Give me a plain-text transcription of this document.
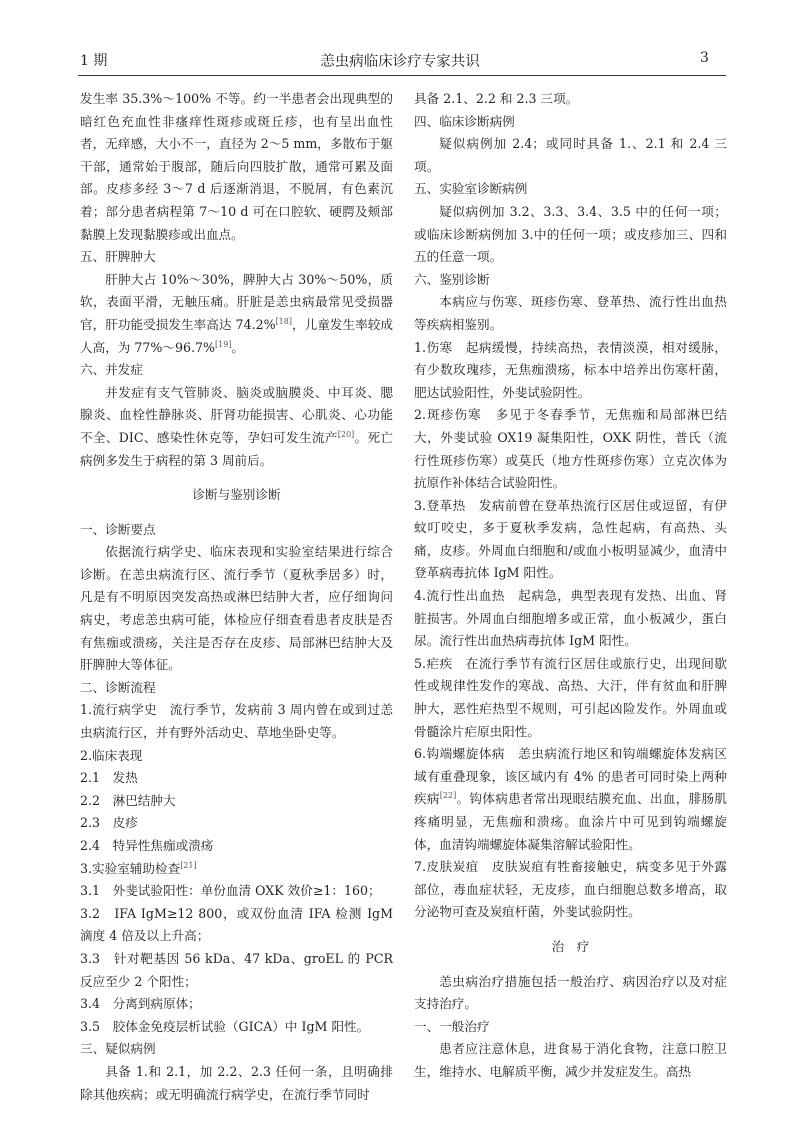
1 期	恙虫病临床诊疗专家共识	3

发生率 35.3%～100% 不等。约一半患者会出现典型的暗红色充血性非瘙痒性斑疹或斑丘疹，也有呈出血性者，无痒感，大小不一，直径为 2～5 mm，多散布于躯干部，通常始于腹部，随后向四肢扩散，通常可累及面部。皮疹多经 3～7 d 后逐渐消退，不脱屑，有色素沉着；部分患者病程第 7～10 d 可在口腔软、硬腭及颊部黏膜上发现黏膜疹或出血点。

五、肝脾肿大

肝肿大占 10%～30%，脾肿大占 30%～50%，质软，表面平滑，无触压痛。肝脏是恙虫病最常见受损器官，肝功能受损发生率高达 74.2%[18]，儿童发生率较成人高，为 77%～96.7%[19]。

六、并发症

并发症有支气管肺炎、脑炎或脑膜炎、中耳炎、腮腺炎、血栓性静脉炎、肝肾功能损害、心肌炎、心功能不全、DIC、感染性休克等，孕妇可发生流产[20]。死亡病例多发生于病程的第 3 周前后。

诊断与鉴别诊断

一、诊断要点

依据流行病学史、临床表现和实验室结果进行综合诊断。在恙虫病流行区、流行季节（夏秋季居多）时，凡是有不明原因突发高热或淋巴结肿大者，应仔细询问病史，考虑恙虫病可能，体检应仔细查看患者皮肤是否有焦痂或溃疡，关注是否存在皮疹、局部淋巴结肿大及肝脾肿大等体征。

二、诊断流程

1.流行病学史　流行季节，发病前 3 周内曾在或到过恙虫病流行区，并有野外活动史、草地坐卧史等。

2.临床表现

2.1　发热

2.2　淋巴结肿大

2.3　皮疹

2.4　特异性焦痂或溃疡

3.实验室辅助检查[21]

3.1　外斐试验阳性：单份血清 OXK 效价≥1：160；

3.2　IFA IgM≥12 800，或双份血清 IFA 检测 IgM 滴度 4 倍及以上升高；

3.3　针对靶基因 56 kDa、47 kDa、groEL 的 PCR 反应至少 2 个阳性；

3.4　分离到病原体；

3.5　胶体金免疫层析试验（GICA）中 IgM 阳性。

三、疑似病例

具备 1.和 2.1，加 2.2、2.3 任何一条，且明确排除其他疾病；或无明确流行病学史，在流行季节同时

具备 2.1、2.2 和 2.3 三项。

四、临床诊断病例

疑似病例加 2.4；或同时具备 1.、2.1 和 2.4 三项。

五、实验室诊断病例

疑似病例加 3.2、3.3、3.4、3.5 中的任何一项；或临床诊断病例加 3.中的任何一项；或皮疹加三、四和五的任意一项。

六、鉴别诊断

本病应与伤寒、斑疹伤寒、登革热、流行性出血热等疾病相鉴别。

1.伤寒　起病缓慢，持续高热，表情淡漠，相对缓脉，有少数玫瑰疹，无焦痂溃疡，标本中培养出伤寒杆菌，肥达试验阳性，外斐试验阴性。

2.斑疹伤寒　多见于冬春季节，无焦痂和局部淋巴结大，外斐试验 OX19 凝集阳性，OXK 阴性，普氏（流行性斑疹伤寒）或莫氏（地方性斑疹伤寒）立克次体为抗原作补体结合试验阳性。

3.登革热　发病前曾在登革热流行区居住或逗留，有伊蚊叮咬史，多于夏秋季发病，急性起病，有高热、头痛，皮疹。外周血白细胞和/或血小板明显减少，血清中登革病毒抗体 IgM 阳性。

4.流行性出血热　起病急，典型表现有发热、出血、肾脏损害。外周血白细胞增多或正常，血小板减少，蛋白尿。流行性出血热病毒抗体 IgM 阳性。

5.疟疾　在流行季节有流行区居住或旅行史，出现间歇性或规律性发作的寒战、高热、大汗，伴有贫血和肝脾肿大，恶性疟热型不规则，可引起凶险发作。外周血或骨髓涂片疟原虫阳性。

6.钩端螺旋体病　恙虫病流行地区和钩端螺旋体发病区域有重叠现象，该区域内有 4% 的患者可同时染上两种疾病[22]。钩体病患者常出现眼结膜充血、出血，腓肠肌疼痛明显，无焦痂和溃疡。血涂片中可见到钩端螺旋体，血清钩端螺旋体凝集溶解试验阳性。

7.皮肤炭疽　皮肤炭疽有牲畜接触史，病变多见于外露部位，毒血症状轻，无皮疹，血白细胞总数多增高，取分泌物可查及炭疽杆菌，外斐试验阴性。

治　疗

恙虫病治疗措施包括一般治疗、病因治疗以及对症支持治疗。

一、一般治疗

患者应注意休息，进食易于消化食物，注意口腔卫生，维持水、电解质平衡，减少并发症发生。高热
